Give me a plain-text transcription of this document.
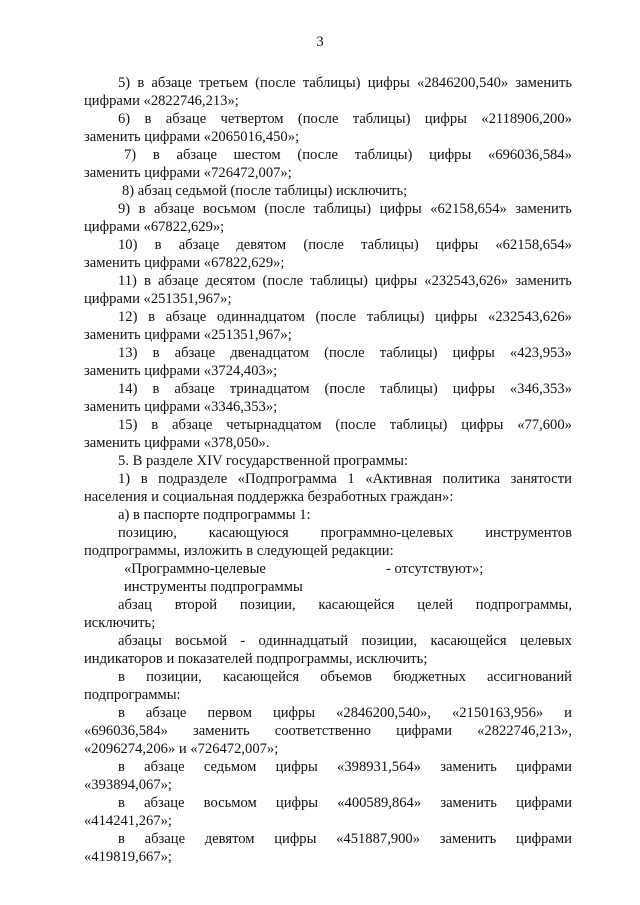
3
5) в абзаце третьем (после таблицы) цифры «2846200,540» заменить
цифрами «2822746,213»;
6) в абзаце четвертом (после таблицы) цифры «2118906,200»
заменить цифрами «2065016,450»;
7) в абзаце шестом (после таблицы) цифры «696036,584»
заменить цифрами «726472,007»;
8) абзац седьмой (после таблицы) исключить;
9) в абзаце восьмом (после таблицы) цифры «62158,654» заменить
цифрами «67822,629»;
10) в абзаце девятом (после таблицы) цифры «62158,654»
заменить цифрами «67822,629»;
11) в абзаце десятом (после таблицы) цифры «232543,626» заменить
цифрами «251351,967»;
12) в абзаце одиннадцатом (после таблицы) цифры «232543,626»
заменить цифрами «251351,967»;
13) в абзаце двенадцатом (после таблицы) цифры «423,953»
заменить цифрами «3724,403»;
14) в абзаце тринадцатом (после таблицы) цифры «346,353»
заменить цифрами «3346,353»;
15) в абзаце четырнадцатом (после таблицы) цифры «77,600»
заменить цифрами «378,050».
5. В разделе XIV государственной программы:
1) в подразделе «Подпрограмма 1 «Активная политика занятости
населения и социальная поддержка безработных граждан»:
а) в паспорте подпрограммы 1:
позицию, касающуюся программно-целевых инструментов
подпрограммы, изложить в следующей редакции:
«Программно-целевые	- отсутствуют»;
инструменты подпрограммы
абзац второй позиции, касающейся целей подпрограммы,
исключить;
абзацы восьмой - одиннадцатый позиции, касающейся целевых
индикаторов и показателей подпрограммы, исключить;
в позиции, касающейся объемов бюджетных ассигнований
подпрограммы:
в абзаце первом цифры «2846200,540», «2150163,956» и
«696036,584» заменить соответственно цифрами «2822746,213»,
«2096274,206» и «726472,007»;
в абзаце седьмом цифры «398931,564» заменить цифрами
«393894,067»;
в абзаце восьмом цифры «400589,864» заменить цифрами
«414241,267»;
в абзаце девятом цифры «451887,900» заменить цифрами
«419819,667»;
